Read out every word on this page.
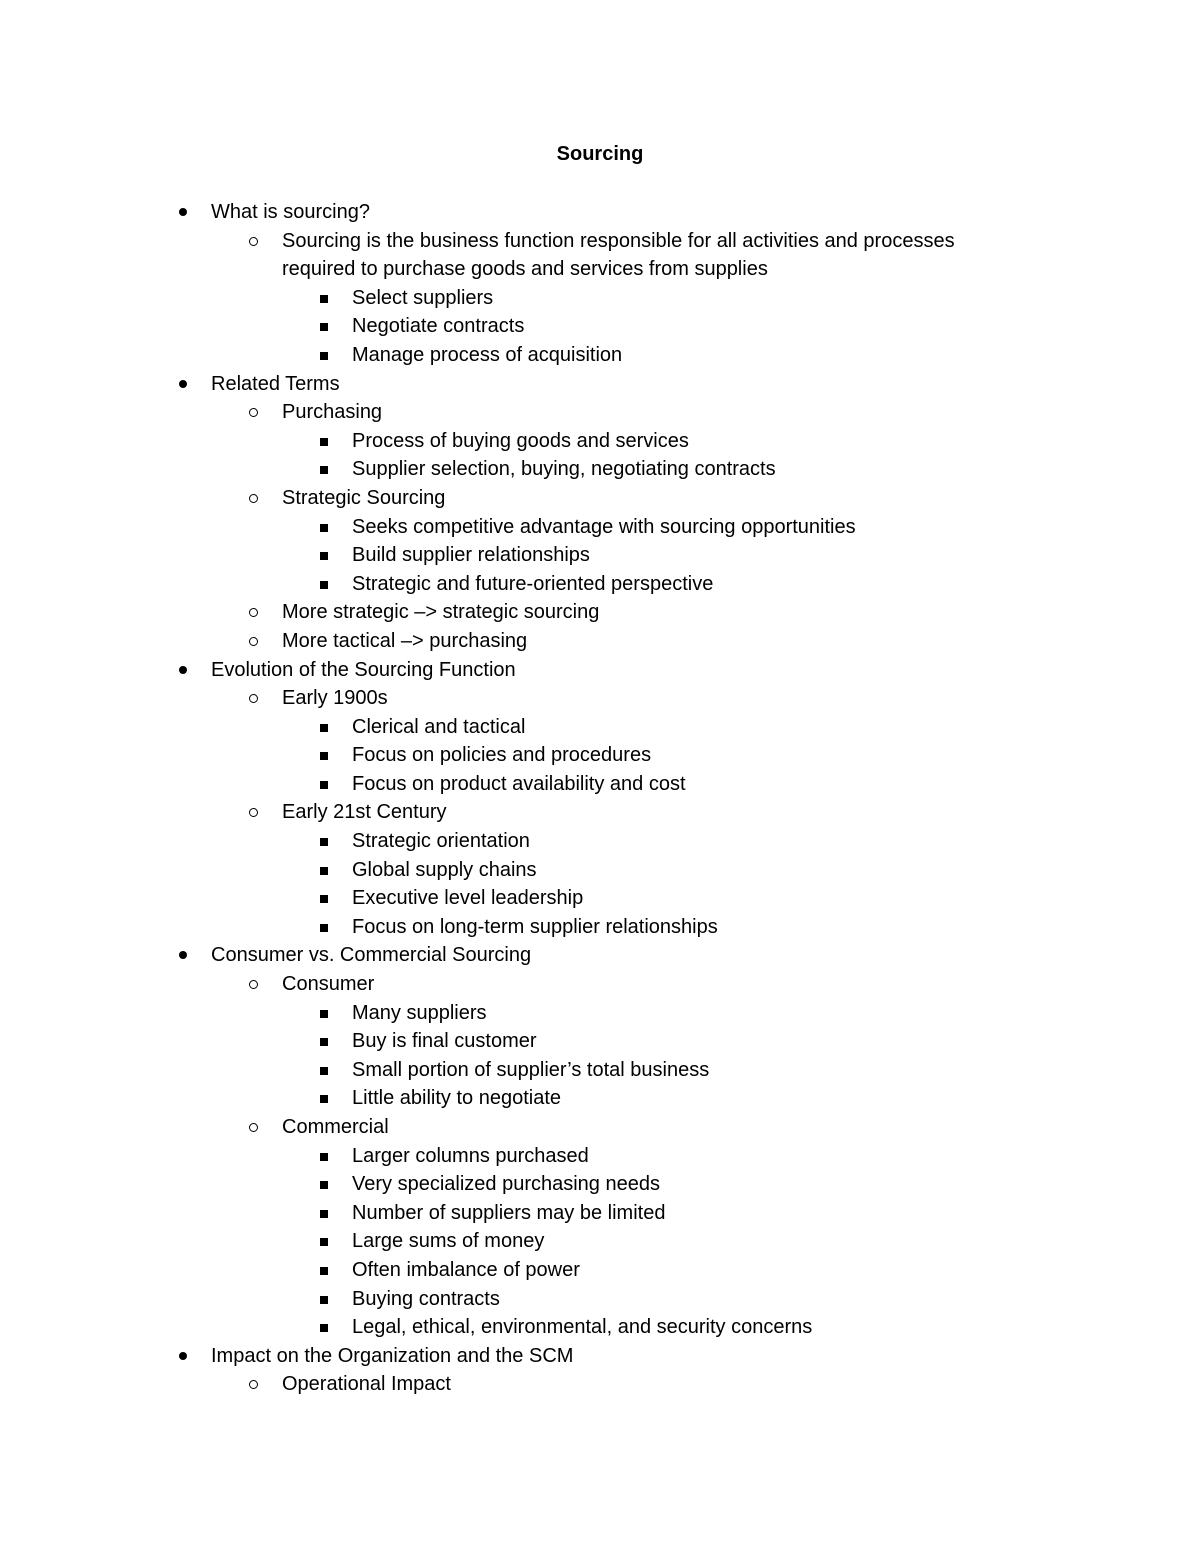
Sourcing
What is sourcing?
Sourcing is the business function responsible for all activities and processes required to purchase goods and services from supplies
Select suppliers
Negotiate contracts
Manage process of acquisition
Related Terms
Purchasing
Process of buying goods and services
Supplier selection, buying, negotiating contracts
Strategic Sourcing
Seeks competitive advantage with sourcing opportunities
Build supplier relationships
Strategic and future-oriented perspective
More strategic –> strategic sourcing
More tactical –> purchasing
Evolution of the Sourcing Function
Early 1900s
Clerical and tactical
Focus on policies and procedures
Focus on product availability and cost
Early 21st Century
Strategic orientation
Global supply chains
Executive level leadership
Focus on long-term supplier relationships
Consumer vs. Commercial Sourcing
Consumer
Many suppliers
Buy is final customer
Small portion of supplier’s total business
Little ability to negotiate
Commercial
Larger columns purchased
Very specialized purchasing needs
Number of suppliers may be limited
Large sums of money
Often imbalance of power
Buying contracts
Legal, ethical, environmental, and security concerns
Impact on the Organization and the SCM
Operational Impact
